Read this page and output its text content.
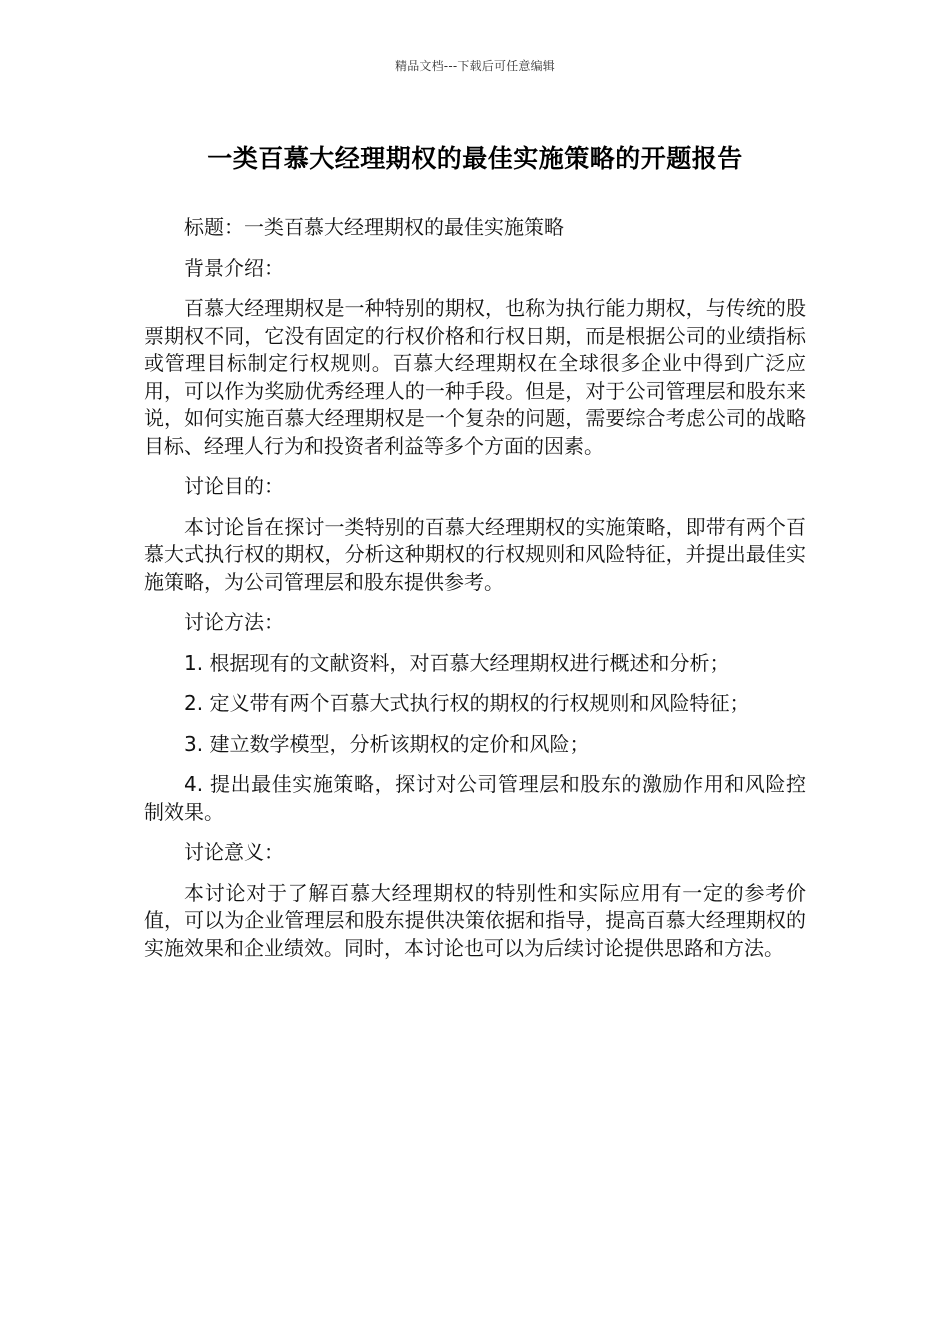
精品文档---下载后可任意编辑
一类百慕大经理期权的最佳实施策略的开题报告

标题：一类百慕大经理期权的最佳实施策略

背景介绍：

百慕大经理期权是一种特别的期权，也称为执行能力期权，与传统的股票期权不同，它没有固定的行权价格和行权日期，而是根据公司的业绩指标或管理目标制定行权规则。百慕大经理期权在全球很多企业中得到广泛应用，可以作为奖励优秀经理人的一种手段。但是，对于公司管理层和股东来说，如何实施百慕大经理期权是一个复杂的问题，需要综合考虑公司的战略目标、经理人行为和投资者利益等多个方面的因素。

讨论目的：

本讨论旨在探讨一类特别的百慕大经理期权的实施策略，即带有两个百慕大式执行权的期权，分析这种期权的行权规则和风险特征，并提出最佳实施策略，为公司管理层和股东提供参考。

讨论方法：

1. 根据现有的文献资料，对百慕大经理期权进行概述和分析；

2. 定义带有两个百慕大式执行权的期权的行权规则和风险特征；

3. 建立数学模型，分析该期权的定价和风险；

4. 提出最佳实施策略，探讨对公司管理层和股东的激励作用和风险控制效果。

讨论意义：

本讨论对于了解百慕大经理期权的特别性和实际应用有一定的参考价值，可以为企业管理层和股东提供决策依据和指导，提高百慕大经理期权的实施效果和企业绩效。同时，本讨论也可以为后续讨论提供思路和方法。
